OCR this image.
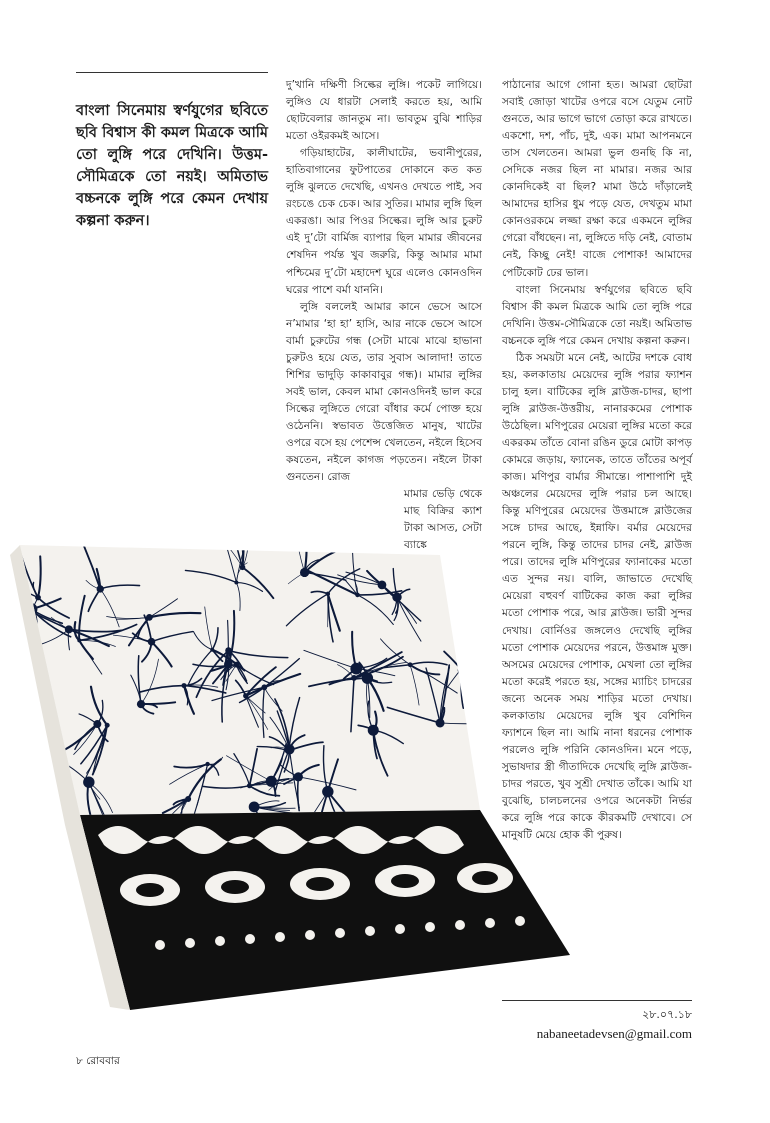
বাংলা সিনেমায় স্বর্ণযুগের ছবিতে ছবি বিশ্বাস কী কমল মিত্রকে আমি তো লুঙ্গি পরে দেখিনি। উত্তম-সৌমিত্রকে তো নয়ই। অমিতাভ বচ্চনকে লুঙ্গি পরে কেমন দেখায় কল্পনা করুন।

দু’খানি দক্ষিণী সিল্কের লুঙ্গি। পকেট লাগিয়ে। লুঙ্গিও যে ধারটা সেলাই করতে হয়, আমি ছোটবেলার জানতুম না। ভাবতুম বুঝি শাড়ির মতো ওইরকমই আসে।

গড়িয়াহাটের, কালীঘাটের, ভবানীপুরের, হাতিবাগানের ফুটপাতের দোকানে কত কত লুঙ্গি ঝুলতে দেখেছি, এখনও দেখতে পাই, সব রংচঙে চেক চেক। আর সুতির। মামার লুঙ্গি ছিল একরঙা। আর পিওর সিল্কের। লুঙ্গি আর চুরুট এই দু’টো বার্মিজ ব্যাপার ছিল মামার জীবনের শেষদিন পর্যন্ত খুব জরুরি, কিন্তু আমার মামা পশ্চিমের দু’টো মহাদেশ ঘুরে এলেও কোনওদিন ঘরের পাশে বর্মা যাননি।

লুঙ্গি বললেই আমার কানে ভেসে আসে ন’মামার ‘হা হা’ হাসি, আর নাকে ভেসে আসে বার্মা চুরুটের গন্ধ (সেটা মাঝে মাঝে হাভানা চুরুটও হয়ে যেত, তার সুবাস আলাদা! তাতে শিশির ভাদুড়ি কাকাবাবুর গন্ধ)। মামার লুঙ্গির সবই ভাল, কেবল মামা কোনওদিনই ভাল করে সিল্কের লুঙ্গিতে গেরো বাঁধার কর্মে পোক্ত হয়ে ওঠেননি। স্বভাবত উত্তেজিত মানুষ, খাটের ওপরে বসে হয় পেশেন্স খেলতেন, নইলে হিসেব কষতেন, নইলে কাগজ পড়তেন। নইলে টাকা গুনতেন। রোজ

মামার ভেড়ি থেকে মাছ বিক্রির ক্যাশ টাকা আসত, সেটা ব্যাঙ্কে

পাঠানোর আগে গোনা হত। আমরা ছোটরা সবাই জোড়া খাটের ওপরে বসে যেতুম নোট গুনতে, আর ভাগে ভাগে তোড়া করে রাখতে। একশো, দশ, পাঁচ, দুই, এক। মামা আপনমনে তাস খেলতেন। আমরা ভুল গুনছি কি না, সেদিকে নজর ছিল না মামার। নজর আর কোনদিকেই বা ছিল? মামা উঠে দাঁড়ালেই আমাদের হাসির ধুম পড়ে যেত, দেখতুম মামা কোনওরকমে লজ্জা রক্ষা করে একমনে লুঙ্গির গেরো বাঁধছেন। না, লুঙ্গিতে দড়ি নেই, বোতাম নেই, কিচ্ছু নেই! বাজে পোশাক! আমাদের পেটিকোট ঢের ভাল।

বাংলা সিনেমায় স্বর্ণযুগের ছবিতে ছবি বিশ্বাস কী কমল মিত্রকে আমি তো লুঙ্গি পরে দেখিনি। উত্তম-সৌমিত্রকে তো নয়ই। অমিতাভ বচ্চনকে লুঙ্গি পরে কেমন দেখায় কল্পনা করুন।

ঠিক সময়টা মনে নেই, আটের দশকে বোধ হয়, কলকাতায় মেয়েদের লুঙ্গি পরার ফ্যাশন চালু হল। বাটিকের লুঙ্গি ব্লাউজ-চাদর, ছাপা লুঙ্গি ব্লাউজ-উত্তরীয়, নানারকমের পোশাক উঠেছিল। মণিপুরের মেয়েরা লুঙ্গির মতো করে একরকম তাঁতে বোনা রঙিন ডুরে মোটা কাপড় কোমরে জড়ায়, ফ্যানেক, তাতে তাঁতের অপূর্ব কাজ। মণিপুর বার্মার সীমান্তে। পাশাপাশি দুই অঞ্চলের মেয়েদের লুঙ্গি পরার চল আছে। কিন্তু মণিপুরের মেয়েদের উত্তমাঙ্গে ব্লাউজের সঙ্গে চাদর আছে, ইন্নাফি। বর্মার মেয়েদের পরনে লুঙ্গি, কিন্তু তাদের চাদর নেই, ব্লাউজ পরে। তাদের লুঙ্গি মণিপুরের ফ্যানাকের মতো এত সুন্দর নয়। বালি, জাভাতে দেখেছি মেয়েরা বহুবর্ণ বাটিকের কাজ করা লুঙ্গির মতো পোশাক পরে, আর ব্লাউজ। ভারী সুন্দর দেখায়। বোর্নিওর জঙ্গলেও দেখেছি লুঙ্গির মতো পোশাক মেয়েদের পরনে, উত্তমাঙ্গ মুক্ত। অসমের মেয়েদের পোশাক, মেখলা তো লুঙ্গির মতো করেই পরতে হয়, সঙ্গের ম্যাচিং চাদরের জন্যে অনেক সময় শাড়ির মতো দেখায়। কলকাতায় মেয়েদের লুঙ্গি খুব বেশিদিন ফ্যাশনে ছিল না। আমি নানা ধরনের পোশাক পরলেও লুঙ্গি পরিনি কোনওদিন। মনে পড়ে, সুভাষদার স্ত্রী গীতাদিকে দেখেছি লুঙ্গি ব্লাউজ-চাদর পরতে, খুব সুশ্রী দেখাত তাঁকে। আমি যা বুঝেছি, চালচলনের ওপরে অনেকটা নির্ভর করে লুঙ্গি পরে কাকে কীরকমটি দেখাবে। সে মানুষটি মেয়ে হোক কী পুরুষ।

২৮.০৭.১৮
nabaneetadevsen@gmail.com
৮ রোববার
